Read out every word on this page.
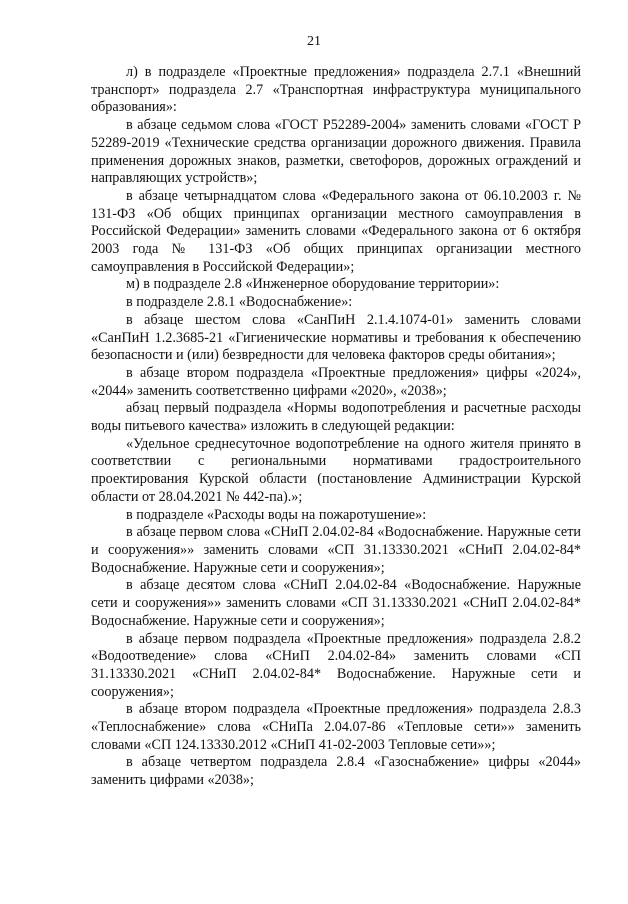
21

л) в подразделе «Проектные предложения» подраздела 2.7.1 «Внешний транспорт» подраздела 2.7 «Транспортная инфраструктура муниципального образования»:

в абзаце седьмом слова «ГОСТ Р52289-2004» заменить словами «ГОСТ Р 52289-2019 «Технические средства организации дорожного движения. Правила применения дорожных знаков, разметки, светофоров, дорожных ограждений и направляющих устройств»;

в абзаце четырнадцатом слова «Федерального закона от 06.10.2003 г. № 131-ФЗ «Об общих принципах организации местного самоуправления в Российской Федерации» заменить словами «Федерального закона от 6 октября 2003 года № 131-ФЗ «Об общих принципах организации местного самоуправления в Российской Федерации»;

м) в подразделе 2.8 «Инженерное оборудование территории»:

в подразделе 2.8.1 «Водоснабжение»:

в абзаце шестом слова «СанПиН 2.1.4.1074-01» заменить словами «СанПиН 1.2.3685-21 «Гигиенические нормативы и требования к обеспечению безопасности и (или) безвредности для человека факторов среды обитания»;

в абзаце втором подраздела «Проектные предложения» цифры «2024», «2044» заменить соответственно цифрами «2020», «2038»;

абзац первый подраздела «Нормы водопотребления и расчетные расходы воды питьевого качества» изложить в следующей редакции:

«Удельное среднесуточное водопотребление на одного жителя принято в соответствии с региональными нормативами градостроительного проектирования Курской области (постановление Администрации Курской области от 28.04.2021 № 442-па).»;

в подразделе «Расходы воды на пожаротушение»:

в абзаце первом слова «СНиП 2.04.02-84 «Водоснабжение. Наружные сети и сооружения»» заменить словами «СП 31.13330.2021 «СНиП 2.04.02-84* Водоснабжение. Наружные сети и сооружения»;

в абзаце десятом слова «СНиП 2.04.02-84 «Водоснабжение. Наружные сети и сооружения»» заменить словами «СП 31.13330.2021 «СНиП 2.04.02-84* Водоснабжение. Наружные сети и сооружения»;

в абзаце первом подраздела «Проектные предложения» подраздела 2.8.2 «Водоотведение» слова «СНиП 2.04.02-84» заменить словами «СП 31.13330.2021 «СНиП 2.04.02-84* Водоснабжение. Наружные сети и сооружения»;

в абзаце втором подраздела «Проектные предложения» подраздела 2.8.3 «Теплоснабжение» слова «СНиПа 2.04.07-86 «Тепловые сети»» заменить словами «СП 124.13330.2012 «СНиП 41-02-2003 Тепловые сети»»;

в абзаце четвертом подраздела 2.8.4 «Газоснабжение» цифры «2044» заменить цифрами «2038»;
